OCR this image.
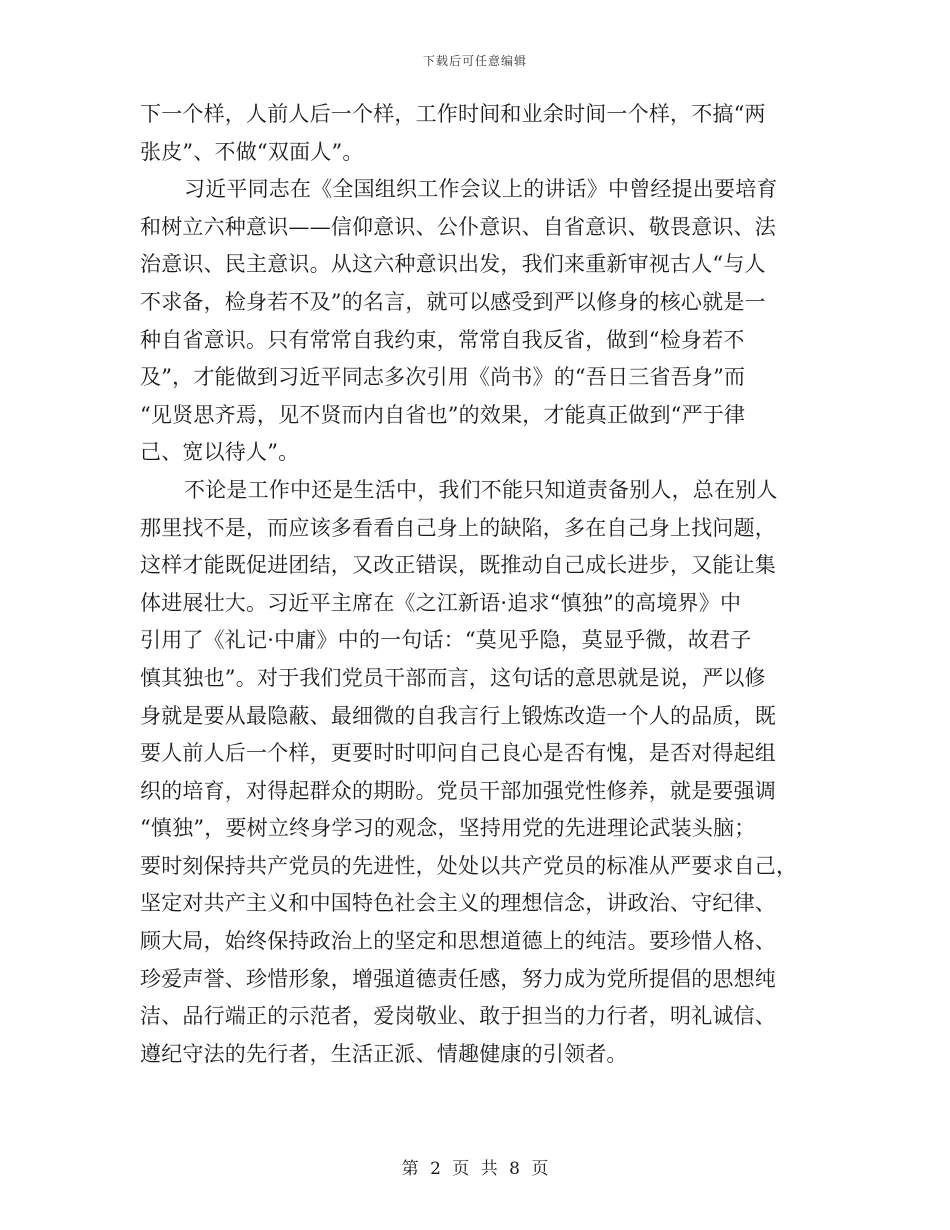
下载后可任意编辑
下一个样，人前人后一个样，工作时间和业余时间一个样，不搞“两
张皮”、不做“双面人”。
习近平同志在《全国组织工作会议上的讲话》中曾经提出要培育
和树立六种意识——信仰意识、公仆意识、自省意识、敬畏意识、法
治意识、民主意识。从这六种意识出发，我们来重新审视古人“与人
不求备，检身若不及”的名言，就可以感受到严以修身的核心就是一
种自省意识。只有常常自我约束，常常自我反省，做到“检身若不
及”，才能做到习近平同志多次引用《尚书》的“吾日三省吾身”而
“见贤思齐焉，见不贤而内自省也”的效果，才能真正做到“严于律
己、宽以待人”。
不论是工作中还是生活中，我们不能只知道责备别人，总在别人
那里找不是，而应该多看看自己身上的缺陷，多在自己身上找问题，
这样才能既促进团结，又改正错误，既推动自己成长进步，又能让集
体进展壮大。习近平主席在《之江新语·追求“慎独”的高境界》中
引用了《礼记·中庸》中的一句话：“莫见乎隐，莫显乎微，故君子
慎其独也”。对于我们党员干部而言，这句话的意思就是说，严以修
身就是要从最隐蔽、最细微的自我言行上锻炼改造一个人的品质，既
要人前人后一个样，更要时时叩问自己良心是否有愧，是否对得起组
织的培育，对得起群众的期盼。党员干部加强党性修养，就是要强调
“慎独”，要树立终身学习的观念，坚持用党的先进理论武装头脑；
要时刻保持共产党员的先进性，处处以共产党员的标准从严要求自己，
坚定对共产主义和中国特色社会主义的理想信念，讲政治、守纪律、
顾大局，始终保持政治上的坚定和思想道德上的纯洁。要珍惜人格、
珍爱声誉、珍惜形象，增强道德责任感，努力成为党所提倡的思想纯
洁、品行端正的示范者，爱岗敬业、敢于担当的力行者，明礼诚信、
遵纪守法的先行者，生活正派、情趣健康的引领者。
第 2 页 共 8 页
